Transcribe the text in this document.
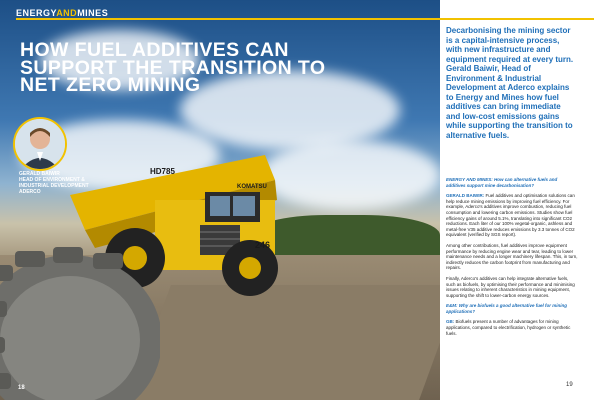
HD785
KOMATSU
246
ENERGYANDMINES
HOW FUEL ADDITIVES CAN SUPPORT THE TRANSITION TO NET ZERO MINING
GERALD BAIWIR
HEAD OF ENVIRONMENT & INDUSTRIAL DEVELOPMENT ADERCO
18

Decarbonising the mining sector is a capital-intensive process, with new infrastructure and equipment required at every turn. Gerald Baiwir, Head of Environment & Industrial Development at Aderco explains to Energy and Mines how fuel additives can bring immediate and low-cost emissions gains while supporting the transition to alternative fuels.

ENERGY AND MINES: How can alternative fuels and additives support mine decarbonisation?

GERALD BAIWIR: Fuel additives and optimisation solutions can help reduce mining emissions by improving fuel efficiency. For example, Aderco's additives improve combustion, reducing fuel consumption and lowering carbon emissions. Studies show fuel efficiency gains of around 5.1%, translating into significant CO2 reductions. Each liter of our 100% vegetal-organic, ashless and metal-free V35 additive reduces emissions by 3.3 tonnes of CO2 equivalent (verified by SGS report).

Among other contributions, fuel additives improve equipment performance by reducing engine wear and tear, leading to lower maintenance needs and a longer machinery lifespan. This, in turn, indirectly reduces the carbon footprint from manufacturing and repairs.

Finally, Aderco's additives can help integrate alternative fuels, such as biofuels, by optimising their performance and minimising issues relating to inherent characteristics in mining equipment, supporting the shift to lower-carbon energy sources.

E&M: Why are biofuels a good alternative fuel for mining applications?

GB: Biofuels present a number of advantages for mining applications, compared to electrification, hydrogen or synthetic fuels.

19
